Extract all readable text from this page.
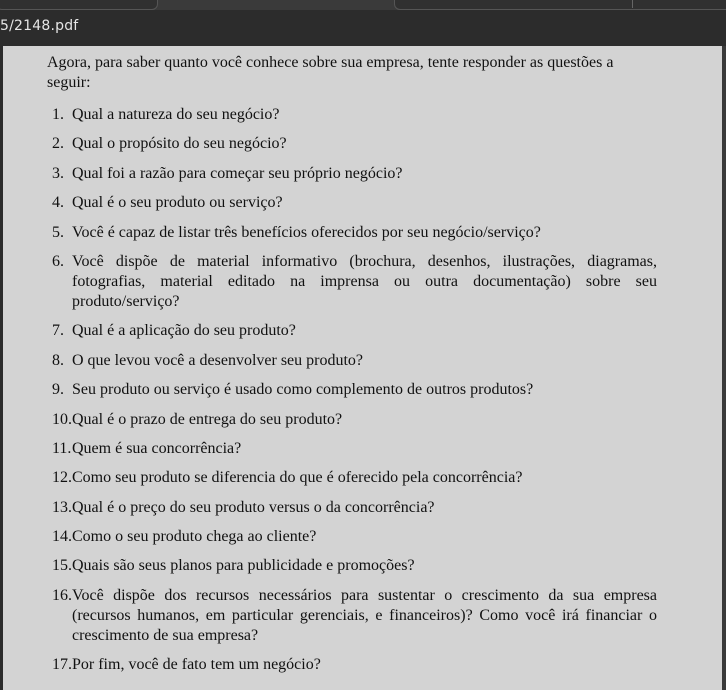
5/2148.pdf

Agora, para saber quanto você conhece sobre sua empresa, tente responder as questões a seguir:

1. Qual a natureza do seu negócio?
2. Qual o propósito do seu negócio?
3. Qual foi a razão para começar seu próprio negócio?
4. Qual é o seu produto ou serviço?
5. Você é capaz de listar três benefícios oferecidos por seu negócio/serviço?
6. Você dispõe de material informativo (brochura, desenhos, ilustrações, diagramas, fotografias, material editado na imprensa ou outra documentação) sobre seu produto/serviço?
7. Qual é a aplicação do seu produto?
8. O que levou você a desenvolver seu produto?
9. Seu produto ou serviço é usado como complemento de outros produtos?
10. Qual é o prazo de entrega do seu produto?
11. Quem é sua concorrência?
12. Como seu produto se diferencia do que é oferecido pela concorrência?
13. Qual é o preço do seu produto versus o da concorrência?
14. Como o seu produto chega ao cliente?
15. Quais são seus planos para publicidade e promoções?
16. Você dispõe dos recursos necessários para sustentar o crescimento da sua empresa (recursos humanos, em particular gerenciais, e financeiros)? Como você irá financiar o crescimento de sua empresa?
17. Por fim, você de fato tem um negócio?
